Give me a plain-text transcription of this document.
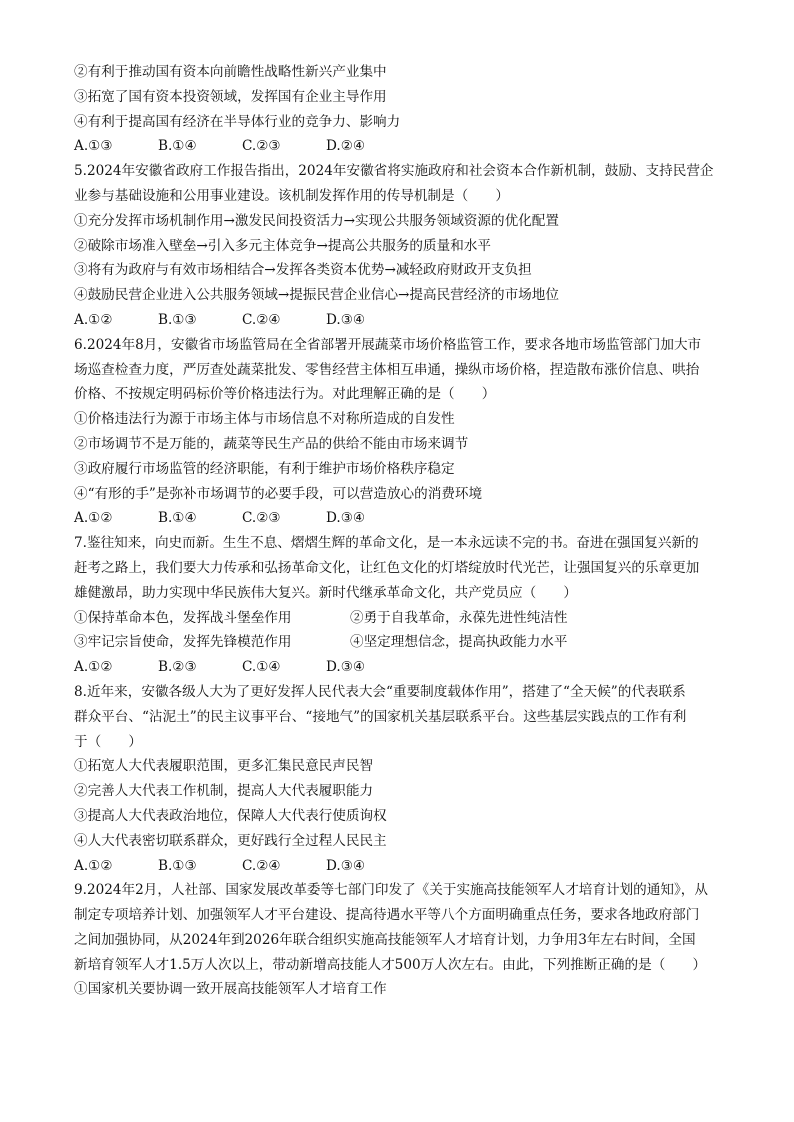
②有利于推动国有资本向前瞻性战略性新兴产业集中
③拓宽了国有资本投资领域，发挥国有企业主导作用
④有利于提高国有经济在半导体行业的竞争力、影响力
A.①③	B.①④	C.②③	D.②④
5.2024年安徽省政府工作报告指出，2024年安徽省将实施政府和社会资本合作新机制，鼓励、支持民营企
业参与基础设施和公用事业建设。该机制发挥作用的传导机制是（　　）
①充分发挥市场机制作用→激发民间投资活力→实现公共服务领域资源的优化配置
②破除市场准入壁垒→引入多元主体竞争→提高公共服务的质量和水平
③将有为政府与有效市场相结合→发挥各类资本优势→减轻政府财政开支负担
④鼓励民营企业进入公共服务领域→提振民营企业信心→提高民营经济的市场地位
A.①②	B.①③	C.②④	D.③④
6.2024年8月，安徽省市场监管局在全省部署开展蔬菜市场价格监管工作，要求各地市场监管部门加大市
场巡查检查力度，严厉查处蔬菜批发、零售经营主体相互串通，操纵市场价格，捏造散布涨价信息、哄抬
价格、不按规定明码标价等价格违法行为。对此理解正确的是（　　）
①价格违法行为源于市场主体与市场信息不对称所造成的自发性
②市场调节不是万能的，蔬菜等民生产品的供给不能由市场来调节
③政府履行市场监管的经济职能，有利于维护市场价格秩序稳定
④“有形的手”是弥补市场调节的必要手段，可以营造放心的消费环境
A.①②	B.①④	C.②③	D.③④
7.鉴往知来，向史而新。生生不息、熠熠生辉的革命文化，是一本永远读不完的书。奋进在强国复兴新的
赶考之路上，我们要大力传承和弘扬革命文化，让红色文化的灯塔绽放时代光芒，让强国复兴的乐章更加
雄健激昂，助力实现中华民族伟大复兴。新时代继承革命文化，共产党员应（　　）
①保持革命本色，发挥战斗堡垒作用	②勇于自我革命，永葆先进性纯洁性
③牢记宗旨使命，发挥先锋模范作用	④坚定理想信念，提高执政能力水平
A.①②	B.②③	C.①④	D.③④
8.近年来，安徽各级人大为了更好发挥人民代表大会“重要制度载体作用”，搭建了“全天候”的代表联系
群众平台、“沾泥土”的民主议事平台、“接地气”的国家机关基层联系平台。这些基层实践点的工作有利
于（　　）
①拓宽人大代表履职范围，更多汇集民意民声民智
②完善人大代表工作机制，提高人大代表履职能力
③提高人大代表政治地位，保障人大代表行使质询权
④人大代表密切联系群众，更好践行全过程人民民主
A.①②	B.①③	C.②④	D.③④
9.2024年2月，人社部、国家发展改革委等七部门印发了《关于实施高技能领军人才培育计划的通知》，从
制定专项培养计划、加强领军人才平台建设、提高待遇水平等八个方面明确重点任务，要求各地政府部门
之间加强协同，从2024年到2026年联合组织实施高技能领军人才培育计划，力争用3年左右时间，全国
新培育领军人才1.5万人次以上，带动新增高技能人才500万人次左右。由此，下列推断正确的是（　　）
①国家机关要协调一致开展高技能领军人才培育工作
